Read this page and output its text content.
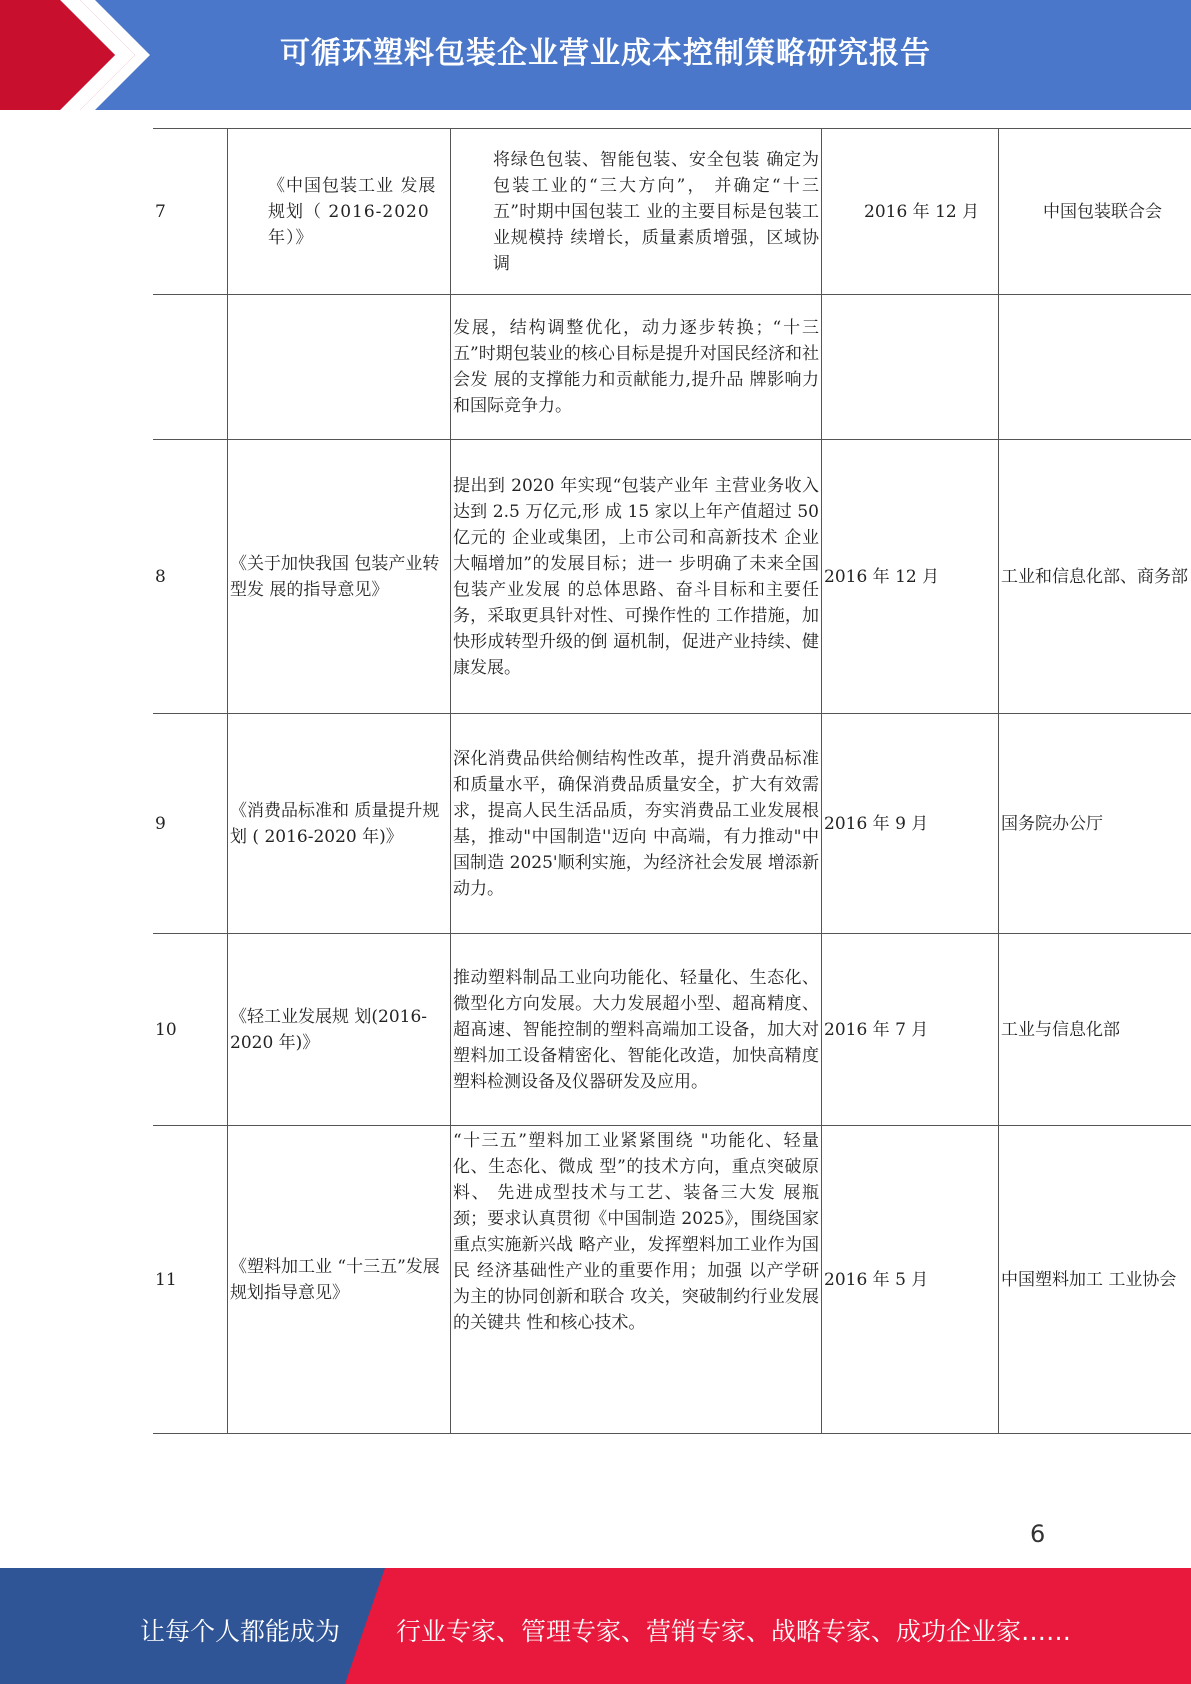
可循环塑料包装企业营业成本控制策略研究报告
7	《中国包装工业 发展规划（ 2016-2020 年）》	将绿色包装、智能包装、安全包装 确定为包装工业的“三大方向”， 并确定“十三五”时期中国包装工 业的主要目标是包装工业规模持 续增长，质量素质增强，区域协调	2016 年 12 月	中国包装联合会
		发展，结构调整优化，动力逐步转换；“十三五”时期包装业的核心目标是提升对国民经济和社会发 展的支撑能力和贡献能力,提升品 牌影响力和国际竞争力。		
8	《关于加快我国 包装产业转型发 展的指导意见》	提出到 2020 年实现“包装产业年 主营业务收入达到 2.5 万亿元,形 成 15 家以上年产值超过 50 亿元的 企业或集团，上市公司和高新技术 企业大幅增加”的发展目标；进一 步明确了未来全国包装产业发展 的总体思路、奋斗目标和主要任 务，采取更具针对性、可操作性的 工作措施，加快形成转型升级的倒 逼机制，促进产业持续、健康发展。	2016 年 12 月	工业和信息化部、商务部
9	《消费品标准和 质量提升规划 ( 2016-2020 年)》	深化消费品供给侧结构性改革，提升消费品标准和质量水平，确保消费品质量安全，扩大有效需求，提高人民生活品质，夯实消费品工业发展根基，推动"中国制造''迈向 中高端，有力推动"中国制造 2025'顺利实施，为经济社会发展 增添新动力。	2016 年 9 月	国务院办公厅
10	《轻工业发展规 划(2016-2020 年)》	推动塑料制品工业向功能化、轻量化、生态化、微型化方向发展。大力发展超小型、超髙精度、超髙速、智能控制的塑料高端加工设备，加大对塑料加工设备精密化、智能化改造，加快高精度塑料检测设备及仪器研发及应用。	2016 年 7 月	工业与信息化部
11	《塑料加工业 “十三五”发展 规划指导意见》	“十三五”塑料加工业紧紧围绕 "功能化、轻量化、生态化、微成 型”的技术方向，重点突破原料、 先进成型技术与工艺、装备三大发 展瓶颈；要求认真贯彻《中国制造 2025》，围绕国家重点实施新兴战 略产业，发挥塑料加工业作为国民 经济基础性产业的重要作用；加强 以产学研为主的协同创新和联合 攻关，突破制约行业发展的关键共 性和核心技术。	2016 年 5 月	中国塑料加工 工业协会
6
让每个人都能成为 行业专家、管理专家、营销专家、战略专家、成功企业家……
